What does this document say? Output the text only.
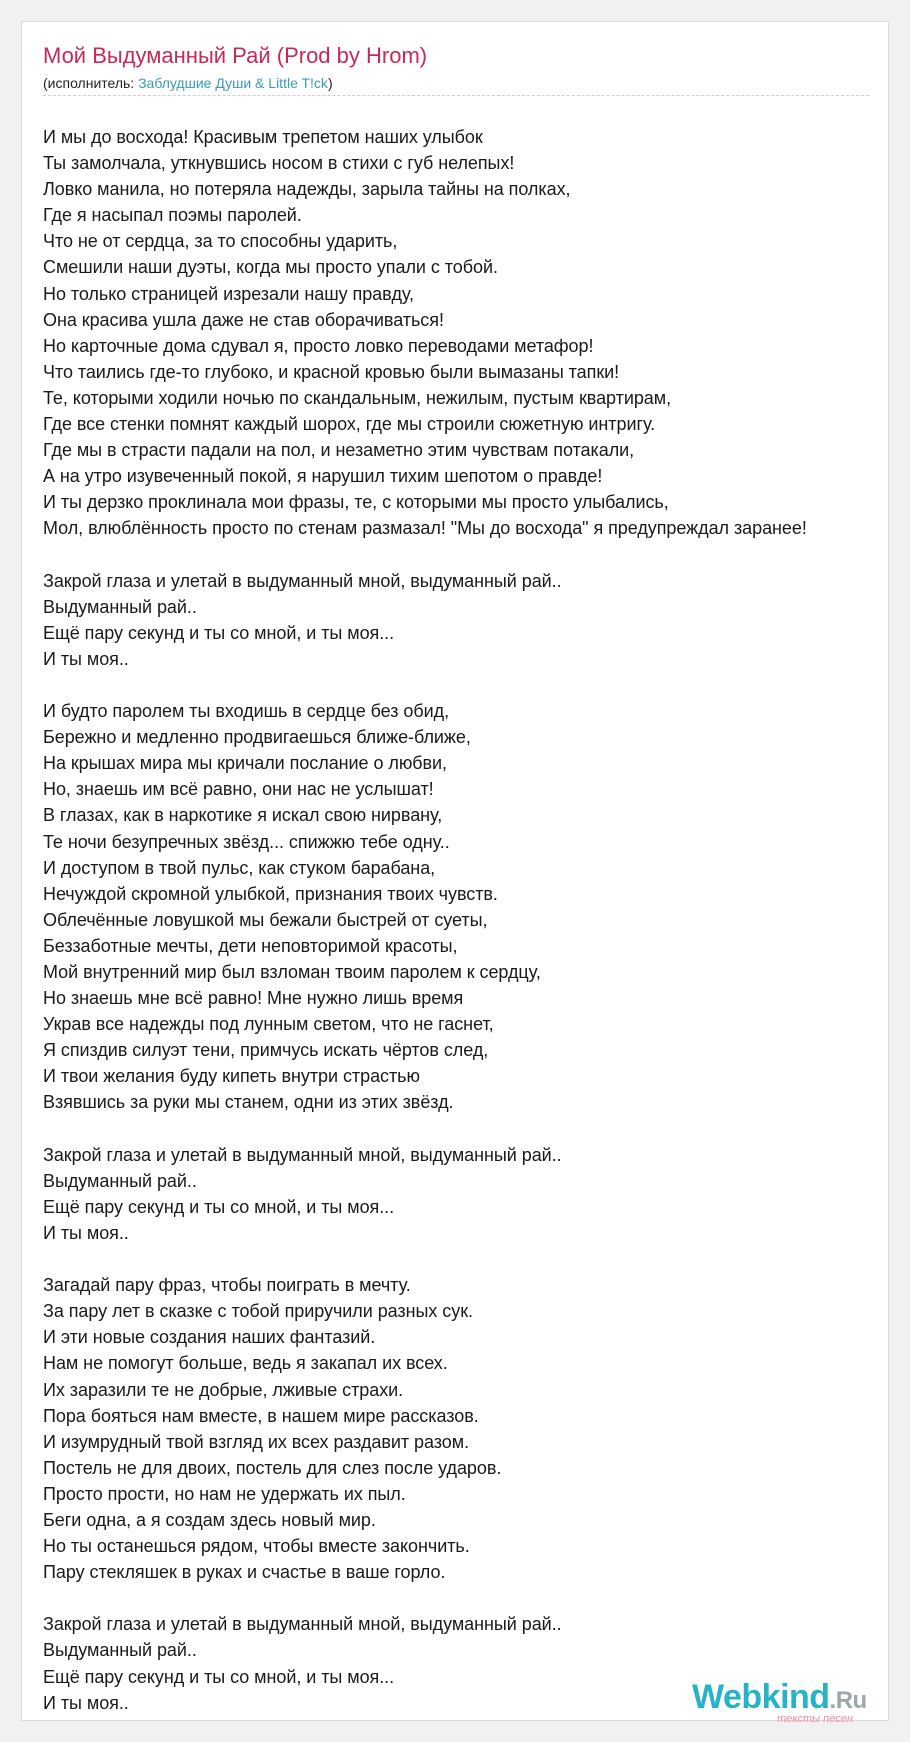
Мой Выдуманный Рай (Prod by Hrom)
(исполнитель: Заблудшие Души & Little T!ck)
И мы до восхода! Красивым трепетом наших улыбок
Ты замолчала, уткнувшись носом в стихи с губ нелепых!
Ловко манила, но потеряла надежды, зарыла тайны на полках,
Где я насыпал поэмы паролей.
Что не от сердца, за то способны ударить,
Смешили наши дуэты, когда мы просто упали с тобой.
Но только страницей изрезали нашу правду,
Она красива ушла даже не став оборачиваться!
Но карточные дома сдувал я, просто ловко переводами метафор!
Что таились где-то глубоко, и красной кровью были вымазаны тапки!
Те, которыми ходили ночью по скандальным, нежилым, пустым квартирам,
Где все стенки помнят каждый шорох, где мы строили сюжетную интригу.
Где мы в страсти падали на пол, и незаметно этим чувствам потакали,
А на утро изувеченный покой, я нарушил тихим шепотом о правде!
И ты дерзко проклинала мои фразы, те, с которыми мы просто улыбались,
Мол, влюблённость просто по стенам размазал! "Мы до восхода" я предупреждал заранее!
Закрой глаза и улетай в выдуманный мной, выдуманный рай..
Выдуманный рай..
Ещё пару секунд и ты со мной, и ты моя...
И ты моя..
И будто паролем ты входишь в сердце без обид,
Бережно и медленно продвигаешься ближе-ближе,
На крышах мира мы кричали послание о любви,
Но, знаешь им всё равно, они нас не услышат!
В глазах, как в наркотике я искал свою нирвану,
Те ночи безупречных звёзд... спижжю тебе одну..
И доступом в твой пульс, как стуком барабана,
Нечуждой скромной улыбкой, признания твоих чувств.
Облечённые ловушкой мы бежали быстрей от суеты,
Беззаботные мечты, дети неповторимой красоты,
Мой внутренний мир был взломан твоим паролем к сердцу,
Но знаешь мне всё равно! Мне нужно лишь время
Украв все надежды под лунным светом, что не гаснет,
Я спиздив силуэт тени, примчусь искать чёртов след,
И твои желания буду кипеть внутри страстью
Взявшись за руки мы станем, одни из этих звёзд.
Закрой глаза и улетай в выдуманный мной, выдуманный рай..
Выдуманный рай..
Ещё пару секунд и ты со мной, и ты моя...
И ты моя..
Загадай пару фраз, чтобы поиграть в мечту.
За пару лет в сказке с тобой приручили разных сук.
И эти новые создания наших фантазий.
Нам не помогут больше, ведь я закапал их всех.
Их заразили те не добрые, лживые страхи.
Пора бояться нам вместе, в нашем мире рассказов.
И изумрудный твой взгляд их всех раздавит разом.
Постель не для двоих, постель для слез после ударов.
Просто прости, но нам не удержать их пыл.
Беги одна, а я создам здесь новый мир.
Но ты останешься рядом, чтобы вместе закончить.
Пару стекляшек в руках и счастье в ваше горло.
Закрой глаза и улетай в выдуманный мной, выдуманный рай..
Выдуманный рай..
Ещё пару секунд и ты со мной, и ты моя...
И ты моя..	Webkind.Ru
тексты песен
